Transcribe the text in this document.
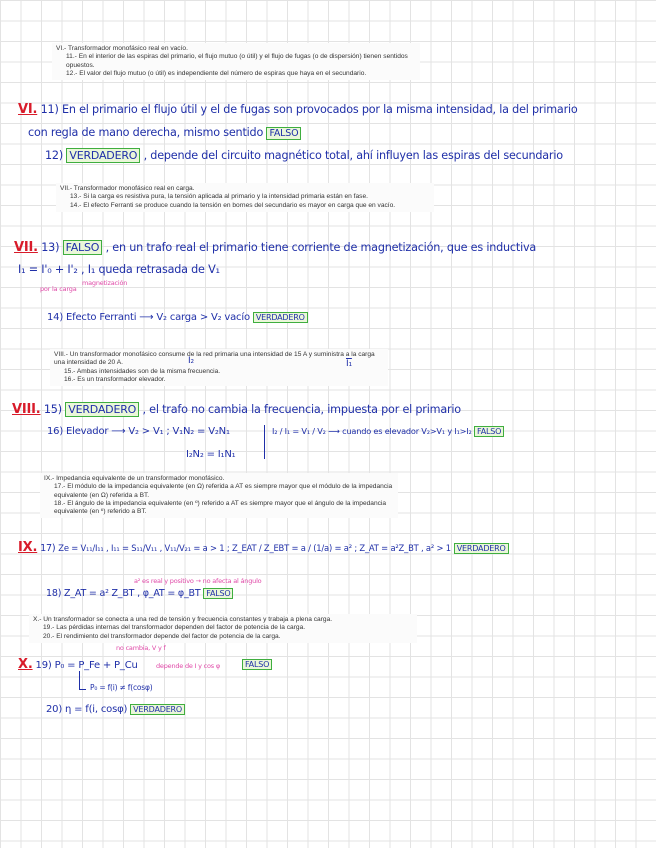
VI.- Transformador monofásico real en vacío.

11.- En el interior de las espiras del primario, el flujo mutuo (o útil) y el flujo de fugas (o de dispersión) tienen sentidos opuestos.

12.- El valor del flujo mutuo (o útil) es independiente del número de espiras que haya en el secundario.

VI. 11) En el primario el flujo útil y el de fugas son provocados por la misma intensidad, la del primario
con regla de mano derecha, mismo sentido FALSO
12) VERDADERO , depende del circuito magnético total, ahí influyen las espiras del secundario

VII.- Transformador monofásico real en carga.

13.- Si la carga es resistiva pura, la tensión aplicada al primario y la intensidad primaria están en fase.

14.- El efecto Ferranti se produce cuando la tensión en bornes del secundario es mayor en carga que en vacío.

VII. 13) FALSO , en un trafo real el primario tiene corriente de magnetización, que es inductiva
I₁ = I'₀ + I'₂ , I₁ queda retrasada de V₁
por la carga
magnetización
14) Efecto Ferranti ⟶ V₂ carga > V₂ vacío VERDADERO

VIII.- Un transformador monofásico consume de la red primaria una intensidad de 15 A y suministra a la carga una intensidad de 20 A.

15.- Ambas intensidades son de la misma frecuencia.

16.- Es un transformador elevador.

I₂	I₁
VIII. 15) VERDADERO , el trafo no cambia la frecuencia, impuesta por el primario
16) Elevador ⟶ V₂ > V₁ ; V₁N₂ = V₂N₁
I₂N₂ = I₁N₁
I₂ / I₁ = V₁ / V₂ ⟶ cuando es elevador V₂>V₁ y I₁>I₂ FALSO

IX.- Impedancia equivalente de un transformador monofásico.

17.- El módulo de la impedancia equivalente (en Ω) referida a AT es siempre mayor que el módulo de la impedancia equivalente (en Ω) referida a BT.

18.- El ángulo de la impedancia equivalente (en º) referido a AT es siempre mayor que el ángulo de la impedancia equivalente (en º) referido a BT.

IX. 17) Ze = V₁₁/I₁₁ , I₁₁ = S₁₁/V₁₁ , V₁₁/V₂₁ = a > 1 ; Z_EAT / Z_EBT = a / (1/a) = a² ; Z_AT = a²Z_BT , a² > 1 VERDADERO
a² es real y positivo → no afecta al ángulo
18) Z_AT = a² Z_BT , φ_AT = φ_BT FALSO

X.- Un transformador se conecta a una red de tensión y frecuencia constantes y trabaja a plena carga.

19.- Las pérdidas internas del transformador dependen del factor de potencia de la carga.

20.- El rendimiento del transformador depende del factor de potencia de la carga.

no cambia, V y f
X. 19) P₀ = P_Fe + P_Cu	depende de I y cos φ	FALSO
P₀ = f(i) ≠ f(cosφ)
20) η = f(i, cosφ) VERDADERO
